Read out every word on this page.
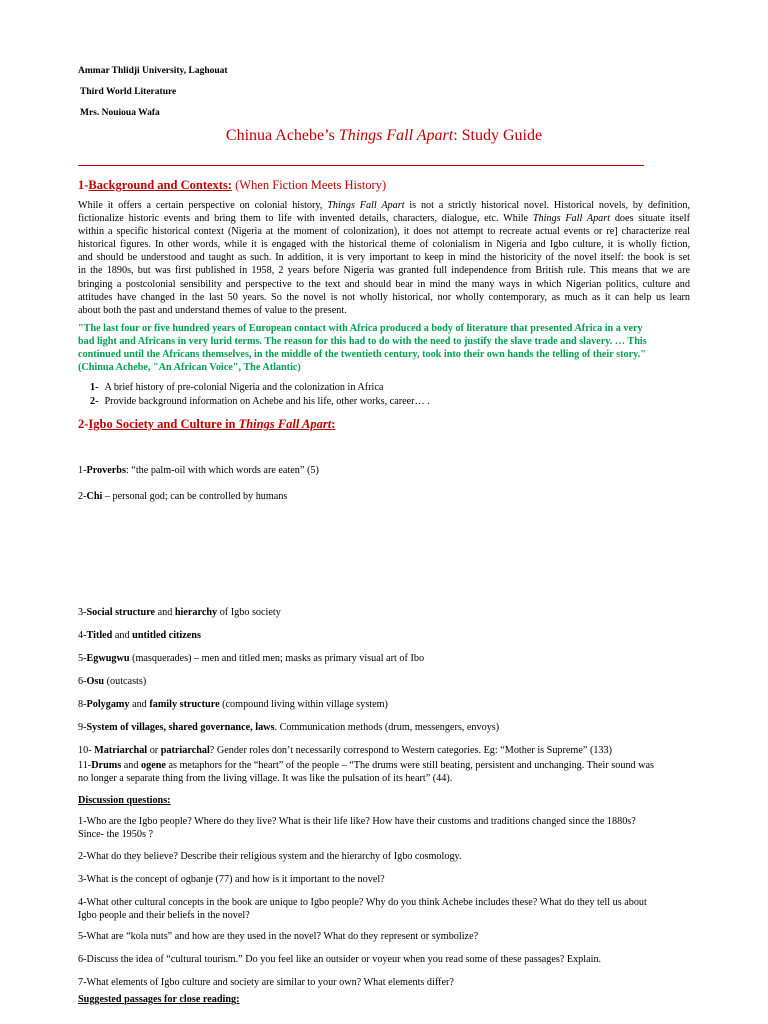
Ammar Thlidji University, Laghouat
Third World Literature
Mrs. Nouioua Wafa
Chinua Achebe’s Things Fall Apart: Study Guide
1-Background and Contexts: (When Fiction Meets History)
While it offers a certain perspective on colonial history, Things Fall Apart is not a strictly historical novel. Historical novels, by definition,
fictionalize historic events and bring them to life with invented details, characters, dialogue, etc. While Things Fall Apart does situate itself
within a specific historical context (Nigeria at the moment of colonization), it does not attempt to recreate actual events or re] characterize real
historical figures. In other words, while it is engaged with the historical theme of colonialism in Nigeria and Igbo culture, it is wholly fiction,
and should be understood and taught as such. In addition, it is very important to keep in mind the historicity of the novel itself: the book is set
in the 1890s, but was first published in 1958, 2 years before Nigeria was granted full independence from British rule. This means that we are
bringing a postcolonial sensibility and perspective to the text and should bear in mind the many ways in which Nigerian politics, culture and
attitudes have changed in the last 50 years. So the novel is not wholly historical, nor wholly contemporary, as much as it can help us learn
about both the past and understand themes of value to the present.
"The last four or five hundred years of European contact with Africa produced a body of literature that presented Africa in a very
bad light and Africans in very lurid terms. The reason for this had to do with the need to justify the slave trade and slavery. … This
continued until the Africans themselves, in the middle of the twentieth century, took into their own hands the telling of their story."
(Chinua Achebe, "An African Voice", The Atlantic)
1- A brief history of pre-colonial Nigeria and the colonization in Africa
2- Provide background information on Achebe and his life, other works, career… .
2-Igbo Society and Culture in Things Fall Apart:
1-Proverbs: “the palm-oil with which words are eaten” (5)
2-Chi – personal god; can be controlled by humans
3-Social structure and hierarchy of Igbo society
4-Titled and untitled citizens
5-Egwugwu (masquerades) – men and titled men; masks as primary visual art of Ibo
6-Osu (outcasts)
8-Polygamy and family structure (compound living within village system)
9-System of villages, shared governance, laws. Communication methods (drum, messengers, envoys)
10- Matriarchal or patriarchal? Gender roles don’t necessarily correspond to Western categories. Eg: “Mother is Supreme” (133)
11-Drums and ogene as metaphors for the “heart” of the people – “The drums were still beating, persistent and unchanging. Their sound was
no longer a separate thing from the living village. It was like the pulsation of its heart” (44).
Discussion questions:
1-Who are the Igbo people? Where do they live? What is their life like? How have their customs and traditions changed since the 1880s?
Since- the 1950s ?
2-What do they believe? Describe their religious system and the hierarchy of Igbo cosmology.
3-What is the concept of ogbanje (77) and how is it important to the novel?
4-What other cultural concepts in the book are unique to Igbo people? Why do you think Achebe includes these? What do they tell us about
Igbo people and their beliefs in the novel?
5-What are “kola nuts” and how are they used in the novel? What do they represent or symbolize?
6-Discuss the idea of “cultural tourism.” Do you feel like an outsider or voyeur when you read some of these passages? Explain.
7-What elements of Igbo culture and society are similar to your own? What elements differ?
Suggested passages for close reading:
